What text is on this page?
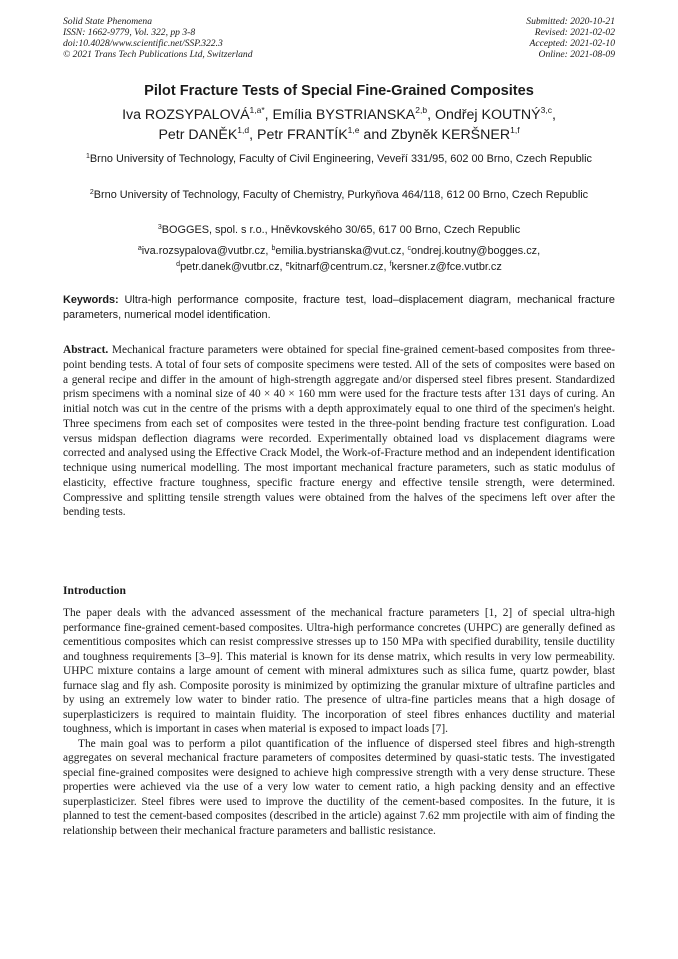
Solid State Phenomena
ISSN: 1662-9779, Vol. 322, pp 3-8
doi:10.4028/www.scientific.net/SSP.322.3
© 2021 Trans Tech Publications Ltd, Switzerland
Submitted: 2020-10-21
Revised: 2021-02-02
Accepted: 2021-02-10
Online: 2021-08-09
Pilot Fracture Tests of Special Fine-Grained Composites
Iva $ROZSYPALOVÁ^{1,a*}$, Emília BYSTRIANSKA$^{2,b}$, Ondřej KOUTNÝ$^{3,c}$,
Petr DANĚK$^{1,d}$, Petr FRANTÍK$^{1,e}$ and Zbyněk KERŠNER$^{1,f}$
$^1$Brno University of Technology, Faculty of Civil Engineering, Veveří 331/95, 602 00 Brno, Czech Republic
$^2$Brno University of Technology, Faculty of Chemistry, Purkyňova 464/118, 612 00 Brno, Czech Republic
$^3$BOGGES, spol. s r.o., Hněvkovského 30/65, 617 00 Brno, Czech Republic
$^a$iva.rozsypalova@vutbr.cz, $^b$emilia.bystrianska@vut.cz, $^c$ondrej.koutny@bogges.cz,
$^d$petr.danek@vutbr.cz, $^e$kitnarf@centrum.cz, $^f$kersner.z@fce.vutbr.cz
Keywords: Ultra-high performance composite, fracture test, load–displacement diagram, mechanical fracture parameters, numerical model identification.
Abstract. Mechanical fracture parameters were obtained for special fine-grained cement-based composites from three-point bending tests. A total of four sets of composite specimens were tested. All of the sets of composites were based on a general recipe and differ in the amount of high-strength aggregate and/or dispersed steel fibres present. Standardized prism specimens with a nominal size of 40 × 40 × 160 mm were used for the fracture tests after 131 days of curing. An initial notch was cut in the centre of the prisms with a depth approximately equal to one third of the specimen's height. Three specimens from each set of composites were tested in the three-point bending fracture test configuration. Load versus midspan deflection diagrams were recorded. Experimentally obtained load vs displacement diagrams were corrected and analysed using the Effective Crack Model, the Work-of-Fracture method and an independent identification technique using numerical modelling. The most important mechanical fracture parameters, such as static modulus of elasticity, effective fracture toughness, specific fracture energy and effective tensile strength, were determined. Compressive and splitting tensile strength values were obtained from the halves of the specimens left over after the bending tests.
Introduction

The paper deals with the advanced assessment of the mechanical fracture parameters [1, 2] of special ultra-high performance fine-grained cement-based composites. Ultra-high performance concretes (UHPC) are generally defined as cementitious composites which can resist compressive stresses up to 150 MPa with specified durability, tensile ductility and toughness requirements [3–9]. This material is known for its dense matrix, which results in very low permeability. UHPC mixture contains a large amount of cement with mineral admixtures such as silica fume, quartz powder, blast furnace slag and fly ash. Composite porosity is minimized by optimizing the granular mixture of ultrafine particles and by using an extremely low water to binder ratio. The presence of ultra-fine particles means that a high dosage of superplasticizers is required to maintain fluidity. The incorporation of steel fibres enhances ductility and material toughness, which is important in cases when material is exposed to impact loads [7].

The main goal was to perform a pilot quantification of the influence of dispersed steel fibres and high-strength aggregates on several mechanical fracture parameters of composites determined by quasi-static tests. The investigated special fine-grained composites were designed to achieve high compressive strength with a very dense structure. These properties were achieved via the use of a very low water to cement ratio, a high packing density and an effective superplasticizer. Steel fibres were used to improve the ductility of the cement-based composites. In the future, it is planned to test the cement-based composites (described in the article) against 7.62 mm projectile with aim of finding the relationship between their mechanical fracture parameters and ballistic resistance.
